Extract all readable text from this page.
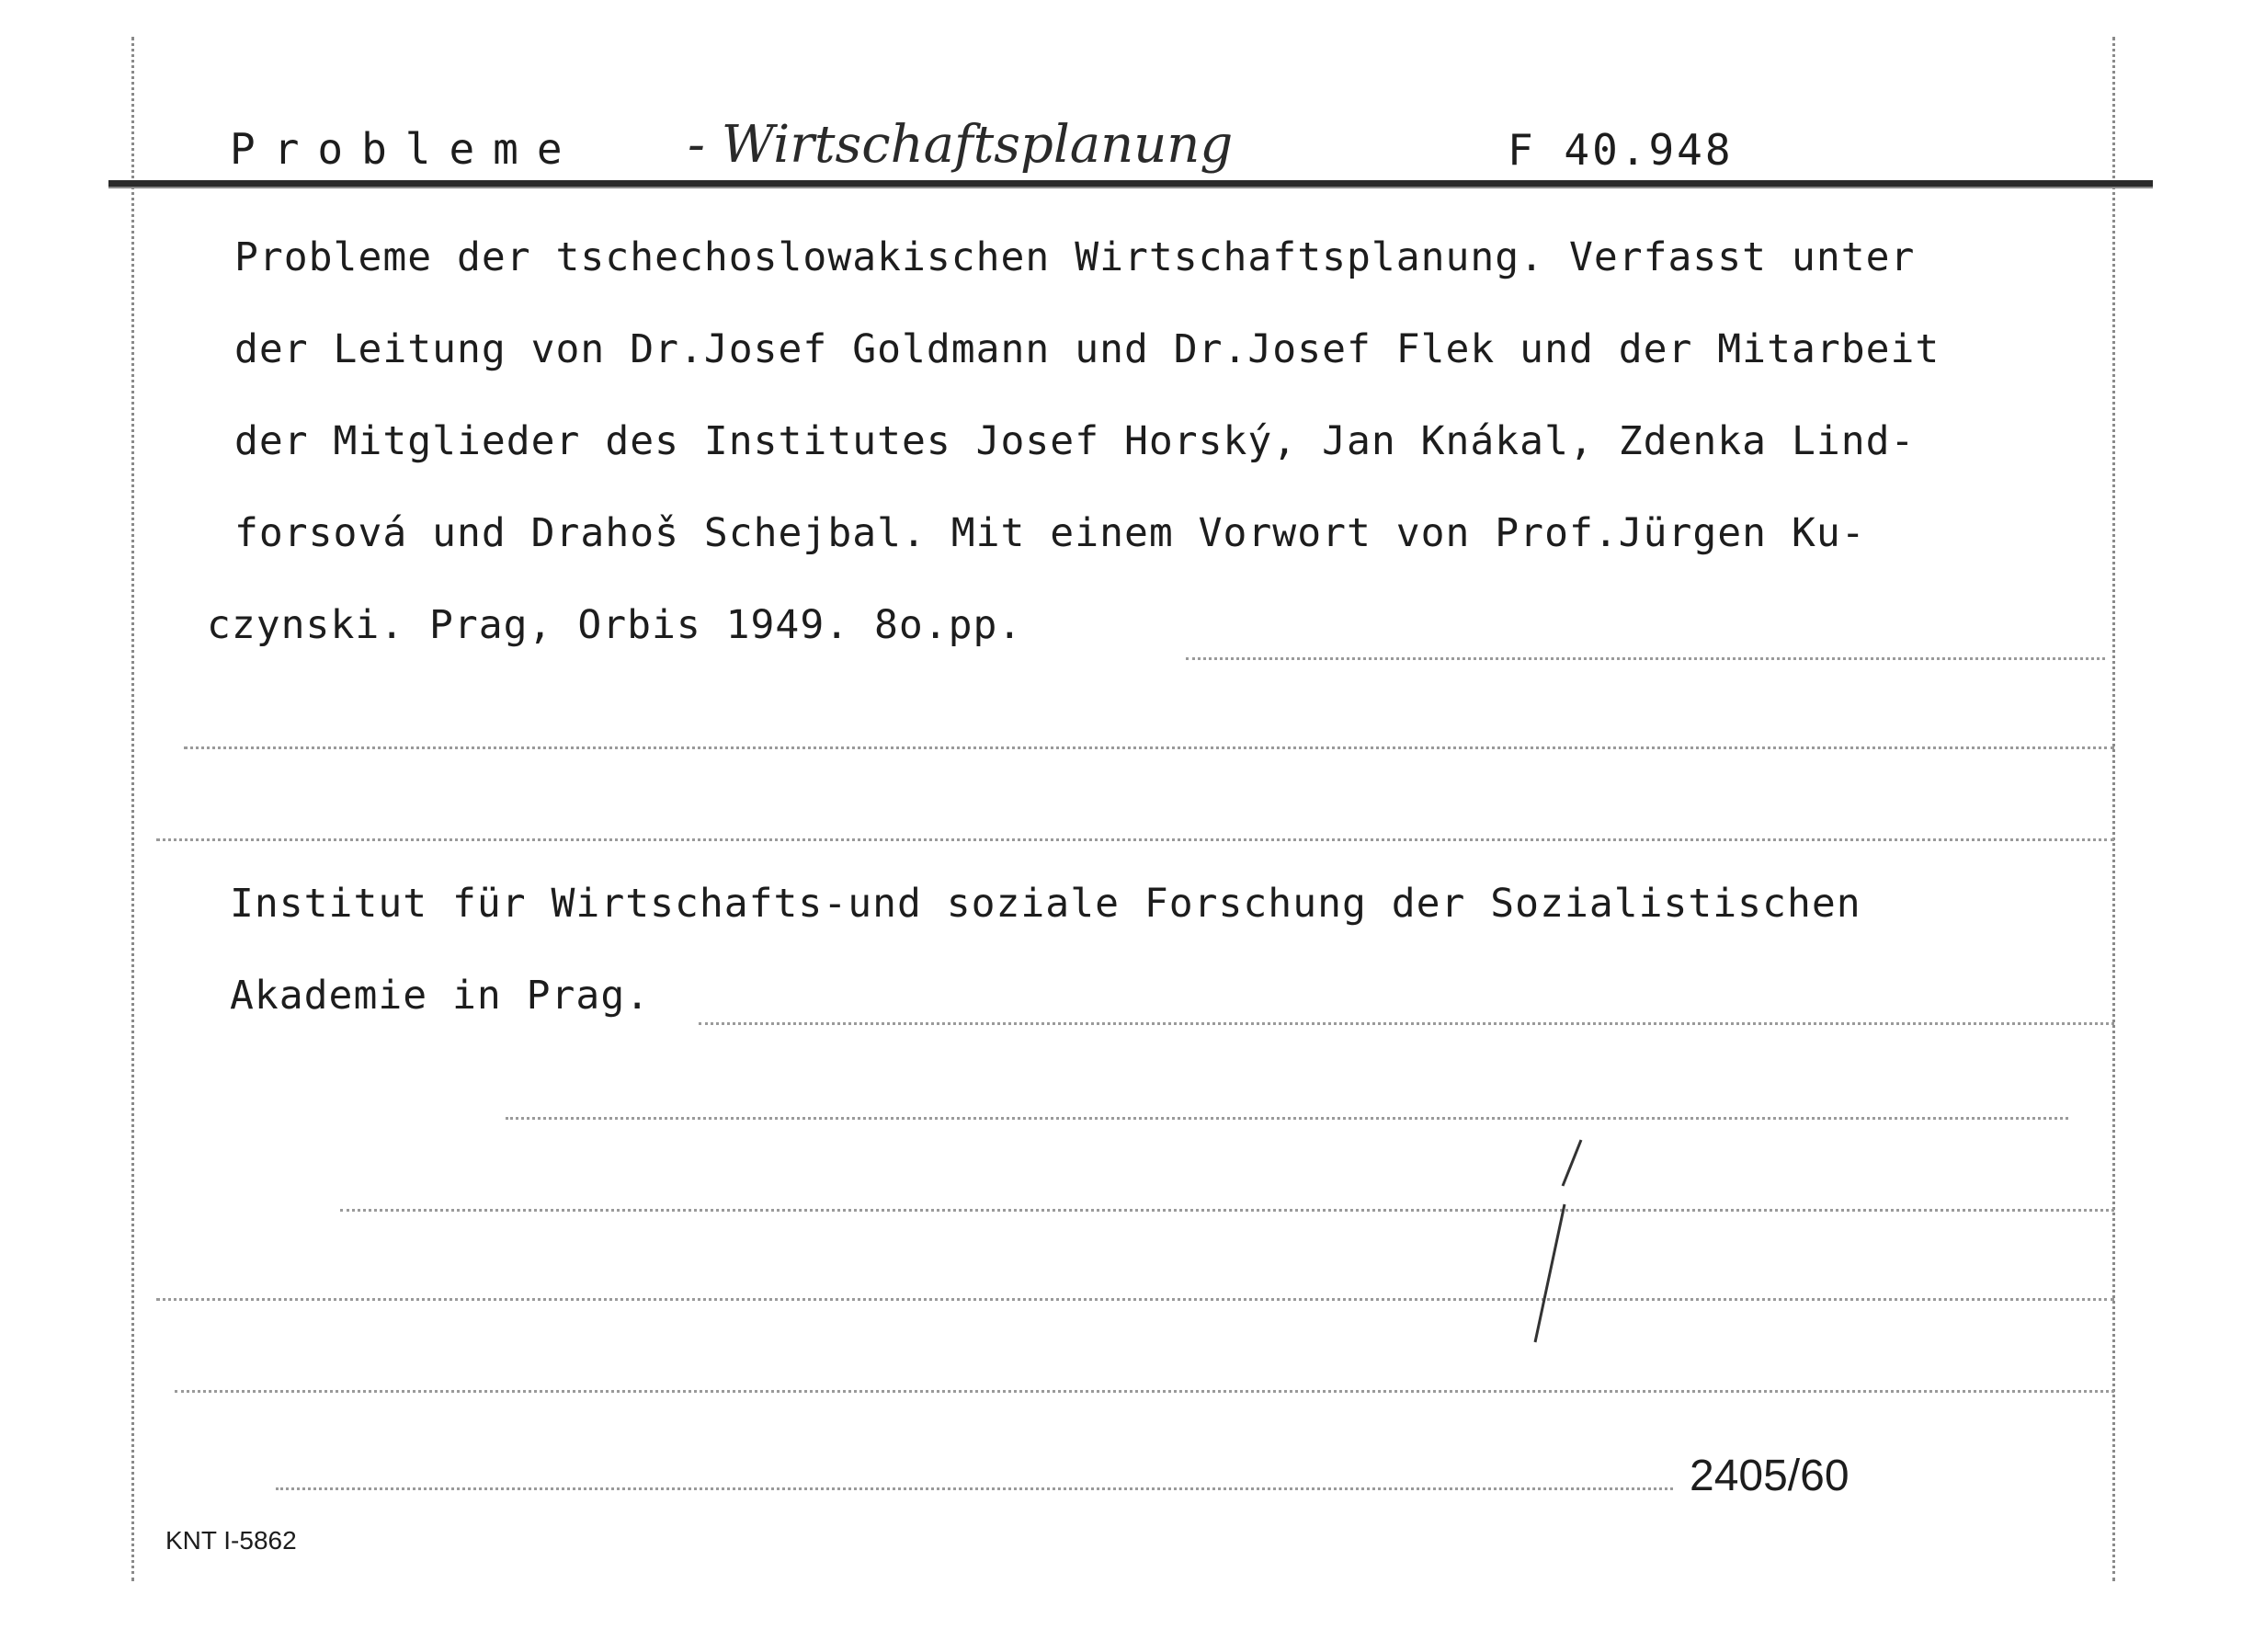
Probleme - Wirtschaftsplanung	F 40.948
Probleme der tschechoslowakischen Wirtschaftsplanung. Verfasst unter
der Leitung von Dr.Josef Goldmann und Dr.Josef Flek und der Mitarbeit
der Mitglieder des Institutes Josef Horský, Jan Knákal, Zdenka Lind-
forsová und Drahoš Schejbal. Mit einem Vorwort von Prof.Jürgen Ku-
czynski. Prag, Orbis 1949. 8o.pp.
Institut für Wirtschafts-und soziale Forschung der Sozialistischen
Akademie in Prag.
2405/60
KNT I-5862
